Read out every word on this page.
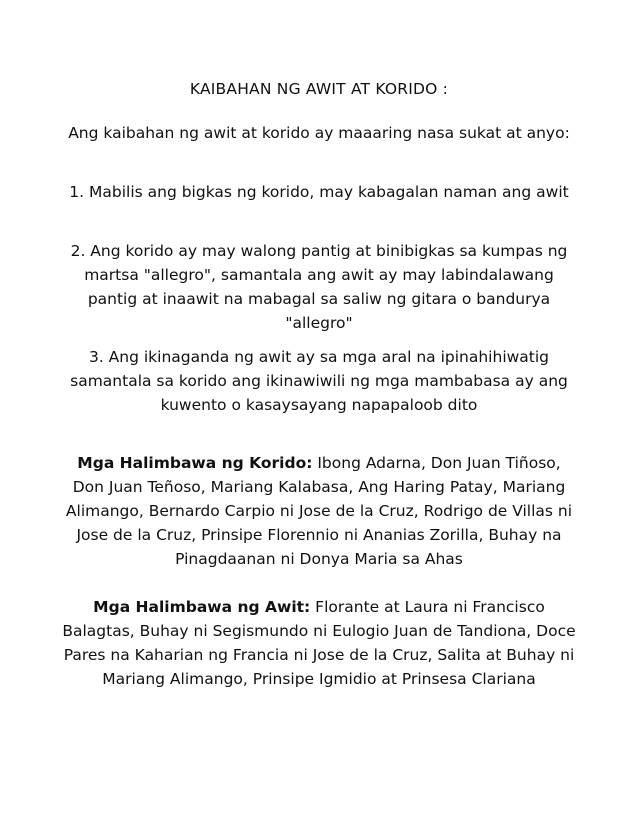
KAIBAHAN NG AWIT AT KORIDO :

Ang kaibahan ng awit at korido ay maaaring nasa sukat at anyo:

1. Mabilis ang bigkas ng korido, may kabagalan naman ang awit

2. Ang korido ay may walong pantig at binibigkas sa kumpas ng martsa "allegro", samantala ang awit ay may labindalawang pantig at inaawit na mabagal sa saliw ng gitara o bandurya "allegro"

3. Ang ikinaganda ng awit ay sa mga aral na ipinahihiwatig samantala sa korido ang ikinawiwili ng mga mambabasa ay ang kuwento o kasaysayang napapaloob dito

Mga Halimbawa ng Korido: Ibong Adarna, Don Juan Tiñoso, Don Juan Teñoso, Mariang Kalabasa, Ang Haring Patay, Mariang Alimango, Bernardo Carpio ni Jose de la Cruz, Rodrigo de Villas ni Jose de la Cruz, Prinsipe Florennio ni Ananias Zorilla, Buhay na Pinagdaanan ni Donya Maria sa Ahas

Mga Halimbawa ng Awit: Florante at Laura ni Francisco Balagtas, Buhay ni Segismundo ni Eulogio Juan de Tandiona, Doce Pares na Kaharian ng Francia ni Jose de la Cruz, Salita at Buhay ni Mariang Alimango, Prinsipe Igmidio at Prinsesa Clariana
